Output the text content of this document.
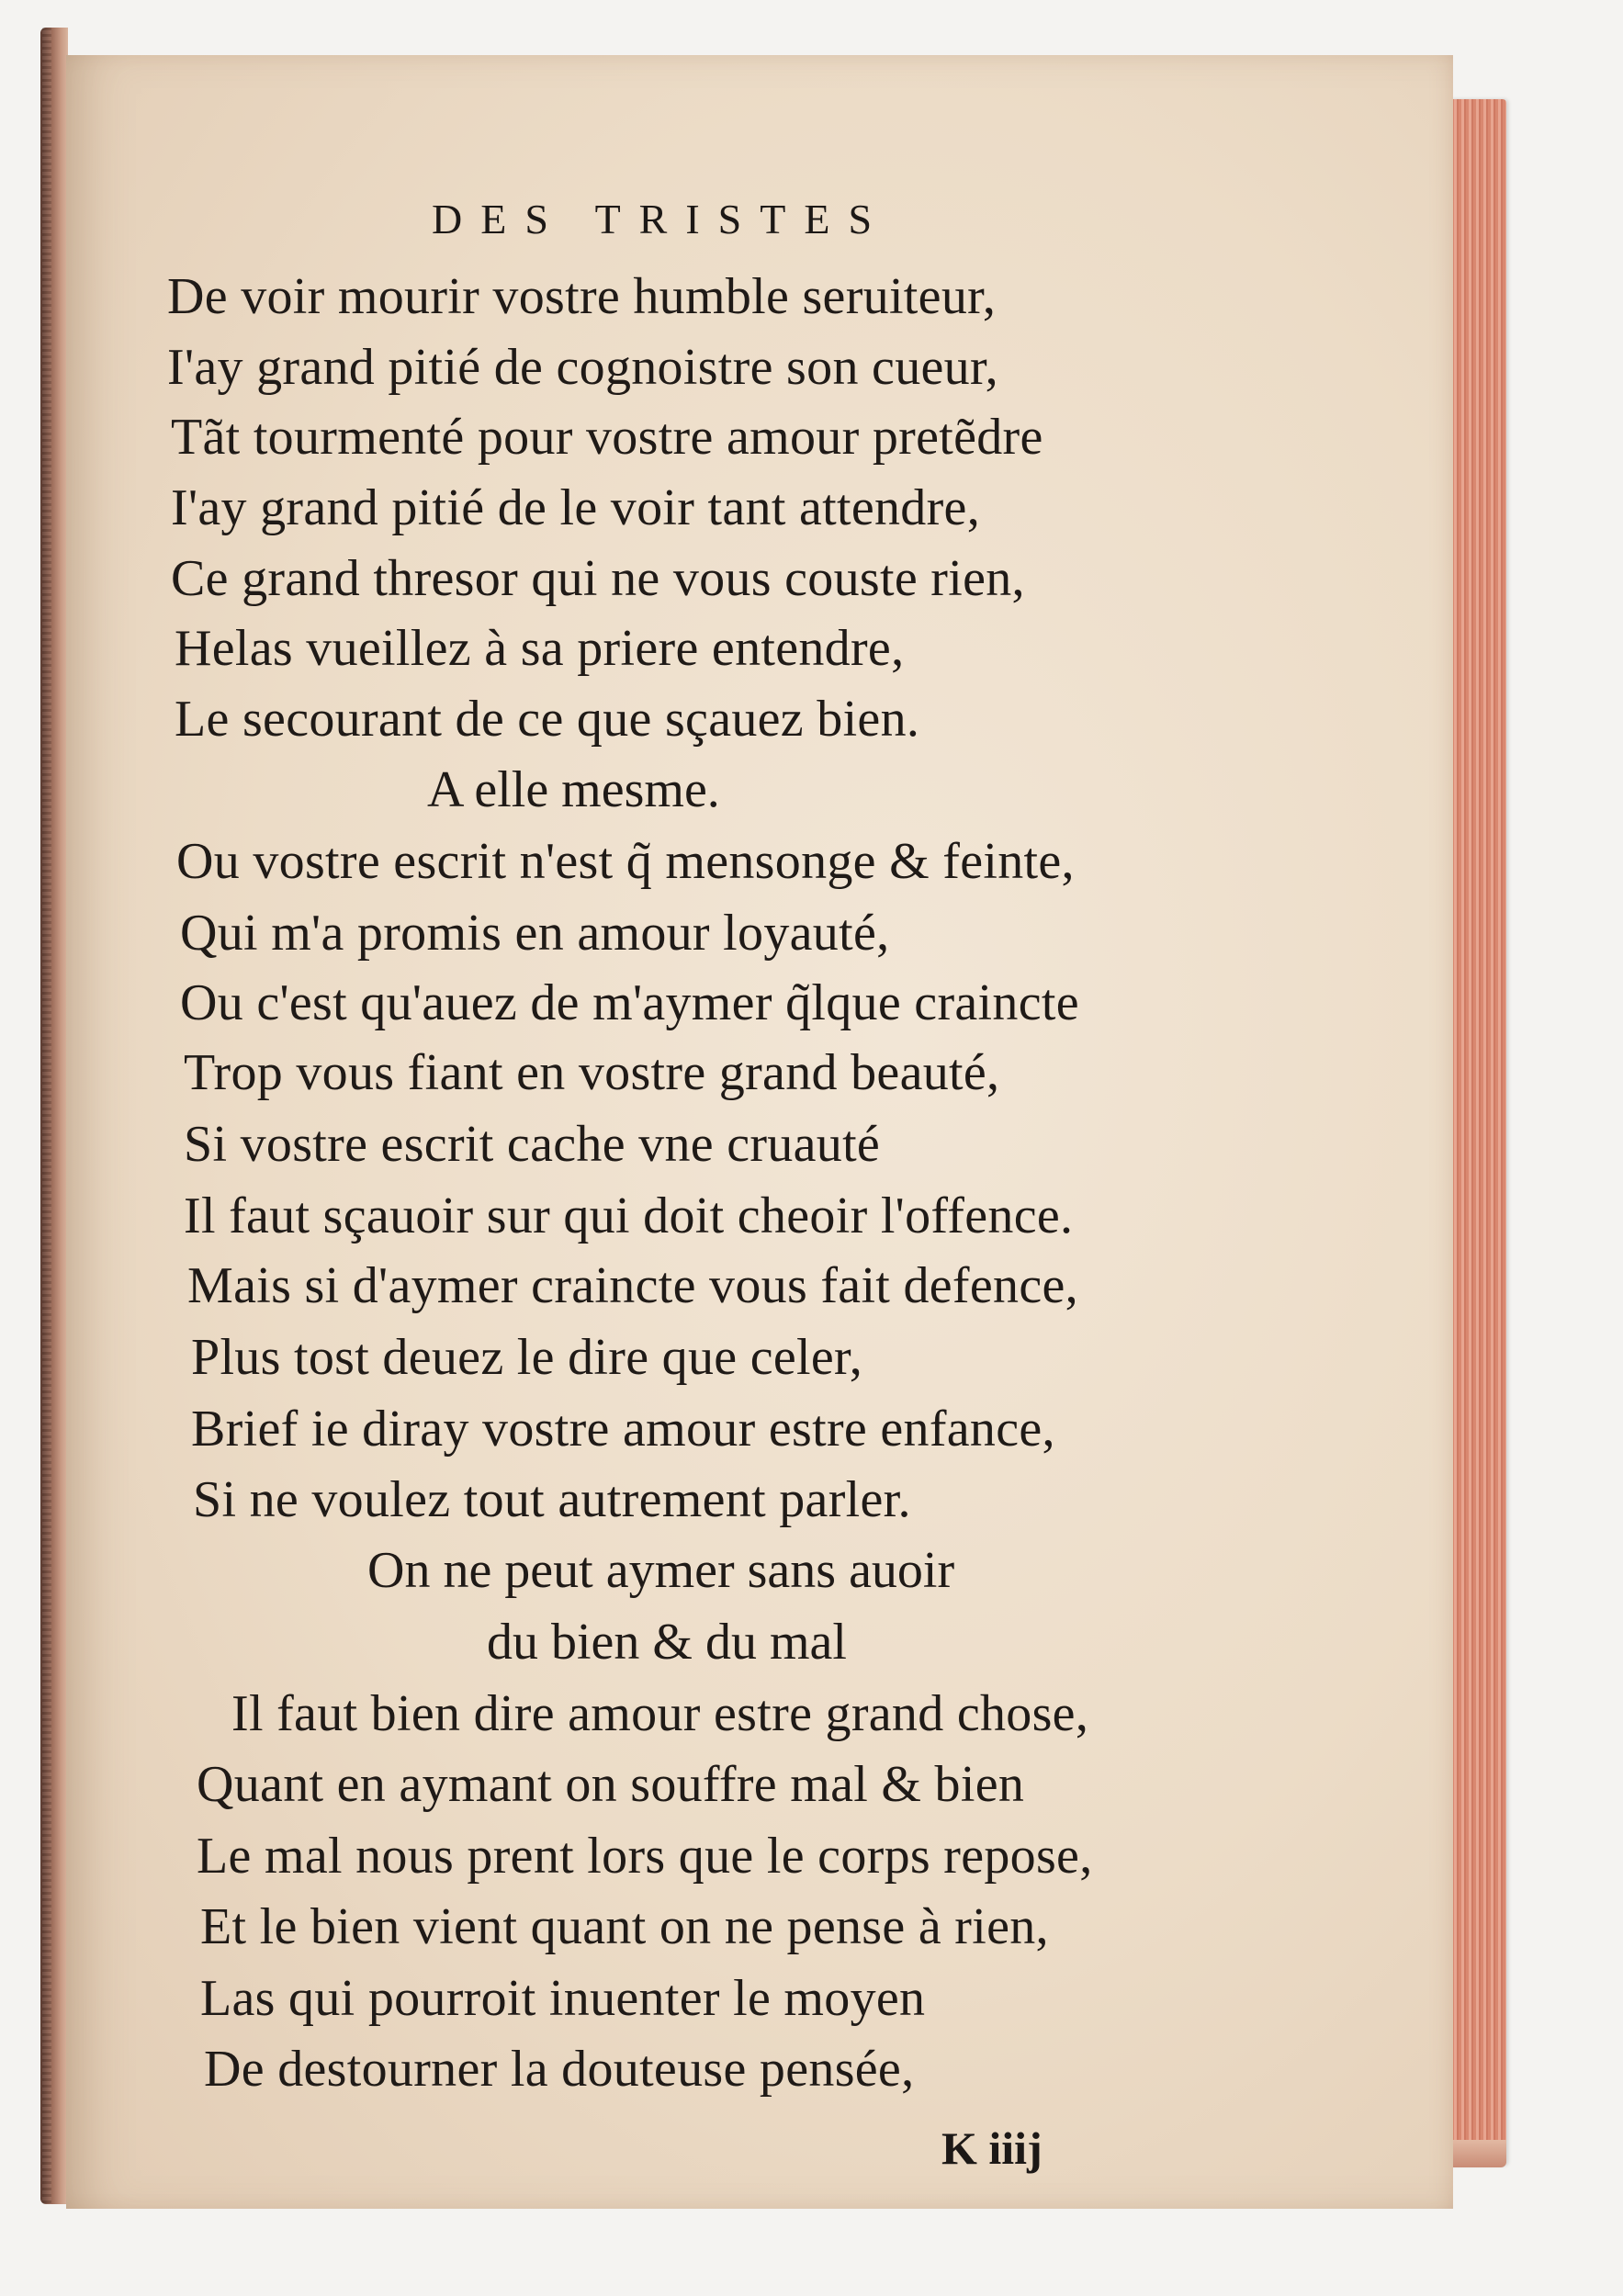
DES TRISTES
De voir mourir vostre humble seruiteur,
I'ay grand pitié de cognoistre son cueur,
Tãt tourmenté pour vostre amour pretẽdre
I'ay grand pitié de le voir tant attendre,
Ce grand thresor qui ne vous couste rien,
Helas vueillez à sa priere entendre,
Le secourant de ce que sçauez bien.
A elle mesme.
Ou vostre escrit n'est q̃ mensonge & feinte,
Qui m'a promis en amour loyauté,
Ou c'est qu'auez de m'aymer q̃lque craincte
Trop vous fiant en vostre grand beauté,
Si vostre escrit cache vne cruauté
Il faut sçauoir sur qui doit cheoir l'offence.
Mais si d'aymer craincte vous fait defence,
Plus tost deuez le dire que celer,
Brief ie diray vostre amour estre enfance,
Si ne voulez tout autrement parler.
On ne peut aymer sans auoir
du bien & du mal
Il faut bien dire amour estre grand chose,
Quant en aymant on souffre mal & bien
Le mal nous prent lors que le corps repose,
Et le bien vient quant on ne pense à rien,
Las qui pourroit inuenter le moyen
De destourner la douteuse pensée,
K iiij
